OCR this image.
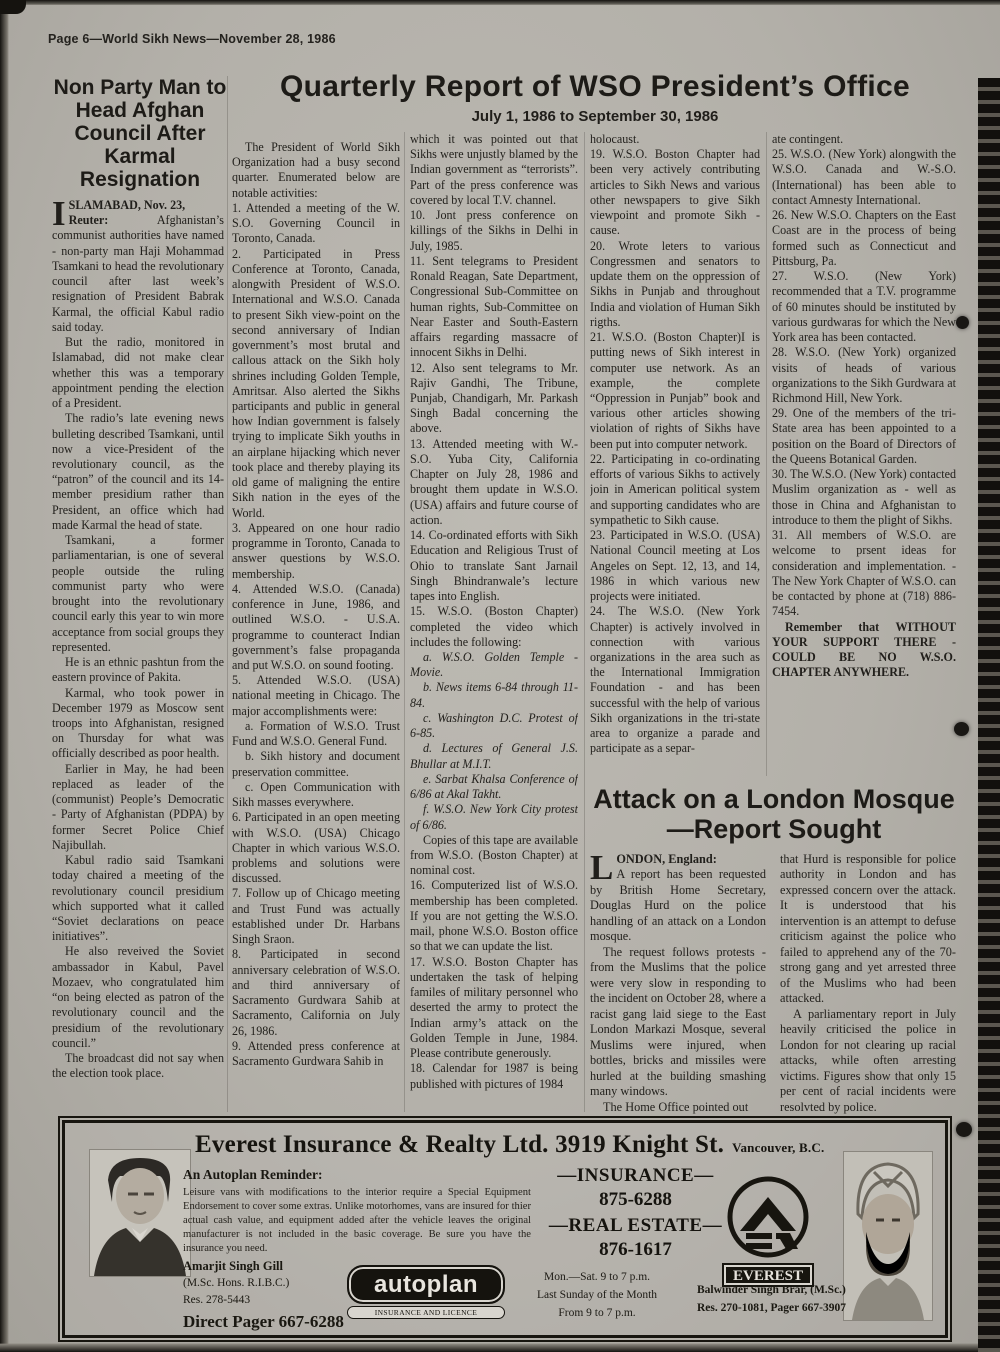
Page 6—World Sikh News—November 28, 1986
Non Party Man to Head Afghan Council After Karmal Resignation

I SLAMABAD, Nov. 23,
Reuter: Afghanistan’s communist authorities have named - non-party man Haji Mohammad Tsamkani to head the revolutionary council after last week’s resignation of President Babrak Karmal, the official Kabul radio said today.

But the radio, monitored in Islamabad, did not make clear whether this was a temporary appointment pending the election of a President.

The radio’s late evening news bulleting described Tsamkani, until now a vice-President of the revolutionary council, as the “patron” of the council and its 14-member presidium rather than President, an office which had made Karmal the head of state.

Tsamkani, a former parliamentarian, is one of several people outside the ruling communist party who were brought into the revolutionary council early this year to win more acceptance from social groups they represented.

He is an ethnic pashtun from the eastern province of Pakita.

Karmal, who took power in December 1979 as Moscow sent troops into Afghanistan, resigned on Thursday for what was officially described as poor health.

Earlier in May, he had been replaced as leader of the (communist) People’s Democratic - Party of Afghanistan (PDPA) by former Secret Police Chief Najibullah.

Kabul radio said Tsamkani today chaired a meeting of the revolutionary council presidium which supported what it called “Soviet declarations on peace initiatives”.

He also reveived the Soviet ambassador in Kabul, Pavel Mozaev, who congratulated him “on being elected as patron of the revolutionary council and the presidium of the revolutionary council.”

The broadcast did not say when the election took place.

Quarterly Report of WSO President’s Office
July 1, 1986 to September 30, 1986

The President of World Sikh Organization had a busy second quarter. Enumerated below are notable activities:

1. Attended a meeting of the W. S.O. Governing Council in Toronto, Canada.

2. Participated in Press Conference at Toronto, Canada, alongwith President of W.S.O. International and W.S.O. Canada to present Sikh view-point on the second anniversary of Indian government’s most brutal and callous attack on the Sikh holy shrines including Golden Temple, Amritsar. Also alerted the Sikhs participants and public in general how Indian government is falsely trying to implicate Sikh youths in an airplane hijacking which never took place and thereby playing its old game of maligning the entire Sikh nation in the eyes of the World.

3. Appeared on one hour radio programme in Toronto, Canada to answer questions by W.S.O. membership.

4. Attended W.S.O. (Canada) conference in June, 1986, and outlined W.S.O. - U.S.A. programme to counteract Indian government’s false propaganda and put W.S.O. on sound footing.

5. Attended W.S.O. (USA) national meeting in Chicago. The major accomplishments were:

a. Formation of W.S.O. Trust Fund and W.S.O. General Fund.

b. Sikh history and document preservation committee.

c. Open Communication with Sikh masses everywhere.

6. Participated in an open meeting with W.S.O. (USA) Chicago Chapter in which various W.S.O. problems and solutions were discussed.

7. Follow up of Chicago meeting and Trust Fund was actually established under Dr. Harbans Singh Sraon.

8. Participated in second anniversary celebration of W.S.O. and third anniversary of Sacramento Gurdwara Sahib at Sacramento, California on July 26, 1986.

9. Attended press conference at Sacramento Gurdwara Sahib in

which it was pointed out that Sikhs were unjustly blamed by the Indian government as “terrorists”. Part of the press conference was covered by local T.V. channel.

10. Jont press conference on killings of the Sikhs in Delhi in July, 1985.

11. Sent telegrams to President Ronald Reagan, Sate Department, Congressional Sub-Committee on human rights, Sub-Committee on Near Easter and South-Eastern affairs regarding massacre of innocent Sikhs in Delhi.

12. Also sent telegrams to Mr. Rajiv Gandhi, The Tribune, Punjab, Chandigarh, Mr. Parkash Singh Badal concerning the above.

13. Attended meeting with W.-S.O. Yuba City, California Chapter on July 28, 1986 and brought them update in W.S.O. (USA) affairs and future course of action.

14. Co-ordinated efforts with Sikh Education and Religious Trust of Ohio to translate Sant Jarnail Singh Bhindranwale’s lecture tapes into English.

15. W.S.O. (Boston Chapter) completed the video which includes the following:

a. W.S.O. Golden Temple - Movie.

b. News items 6-84 through 11-84.

c. Washington D.C. Protest of 6-85.

d. Lectures of General J.S. Bhullar at M.I.T.

e. Sarbat Khalsa Conference of 6/86 at Akal Takht.

f. W.S.O. New York City protest of 6/86.

Copies of this tape are available from W.S.O. (Boston Chapter) at nominal cost.

16. Computerized list of W.S.O. membership has been completed. If you are not getting the W.S.O. mail, phone W.S.O. Boston office so that we can update the list.

17. W.S.O. Boston Chapter has undertaken the task of helping familes of military personnel who deserted the army to protect the Indian army’s attack on the Golden Temple in June, 1984. Please contribute generously.

18. Calendar for 1987 is being published with pictures of 1984

holocaust.

19. W.S.O. Boston Chapter had been very actively contributing articles to Sikh News and various other newspapers to give Sikh viewpoint and promote Sikh - cause.

20. Wrote leters to various Congressmen and senators to update them on the oppression of Sikhs in Punjab and throughout India and violation of Human Sikh rigths.

21. W.S.O. (Boston Chapter)I is putting news of Sikh interest in computer use network. As an example, the complete “Oppression in Punjab” book and various other articles showing violation of rights of Sikhs have been put into computer network.

22. Participating in co-ordinating efforts of various Sikhs to actively join in American political system and supporting candidates who are sympathetic to Sikh cause.

23. Participated in W.S.O. (USA) National Council meeting at Los Angeles on Sept. 12, 13, and 14, 1986 in which various new projects were initiated.

24. The W.S.O. (New York Chapter) is actively involved in connection with various organizations in the area such as the International Immigration Foundation - and has been successful with the help of various Sikh organizations in the tri-state area to organize a parade and participate as a separ-

ate contingent.

25. W.S.O. (New York) alongwith the W.S.O. Canada and W.-S.O. (International) has been able to contact Amnesty International.

26. New W.S.O. Chapters on the East Coast are in the process of being formed such as Connecticut and Pittsburg, Pa.

27. W.S.O. (New York) recommended that a T.V. programme of 60 minutes should be instituted by various gurdwaras for which the New York area has been contacted.

28. W.S.O. (New York) organized visits of heads of various organizations to the Sikh Gurdwara at Richmond Hill, New York.

29. One of the members of the tri-State area has been appointed to a position on the Board of Directors of the Queens Botanical Garden.

30. The W.S.O. (New York) contacted Muslim organization as - well as those in China and Afghanistan to introduce to them the plight of Sikhs.

31. All members of W.S.O. are welcome to prsent ideas for consideration and implementation. - The New York Chapter of W.S.O. can be contacted by phone at (718) 886-7454.

Remember that WITHOUT YOUR SUPPORT THERE - COULD BE NO W.S.O. CHAPTER ANYWHERE.

Attack on a London Mosque—Report Sought

L ONDON, England:
A report has been requested by British Home Secretary, Douglas Hurd on the police handling of an attack on a London mosque.

The request follows protests - from the Muslims that the police were very slow in responding to the incident on October 28, where a racist gang laid siege to the East London Markazi Mosque, several Muslims were injured, when bottles, bricks and missiles were hurled at the building smashing many windows.

The Home Office pointed out

that Hurd is responsible for police authority in London and has expressed concern over the attack. It is understood that his intervention is an attempt to defuse criticism against the police who failed to apprehend any of the 70-strong gang and yet arrested three of the Muslims who had been attacked.

A parliamentary report in July heavily criticised the police in London for not clearing up racial attacks, while often arresting victims. Figures show that only 15 per cent of racial incidents were resolvted by police.

Everest Insurance & Realty Ltd. 3919 Knight St. Vancouver, B.C.
An Autoplan Reminder:
Leisure vans with modifications to the interior require a Special Equipment Endorsement to cover some extras. Unlike motorhomes, vans are insured for thier actual cash value, and equipment added after the vehicle leaves the original manufacturer is not included in the basic coverage. Be sure you have the insurance you need.
—INSURANCE—
875-6288
—REAL ESTATE—
876-1617
EVEREST
Amarjit Singh Gill
(M.Sc. Hons. R.I.B.C.)
Res. 278-5443
Direct Pager 667-6288
autoplan
INSURANCE AND LICENCE
Mon.—Sat. 9 to 7 p.m.
Last Sunday of the Month
From 9 to 7 p.m.
Balwinder Singh Brar, (M.Sc.)
Res. 270-1081, Pager 667-3907
